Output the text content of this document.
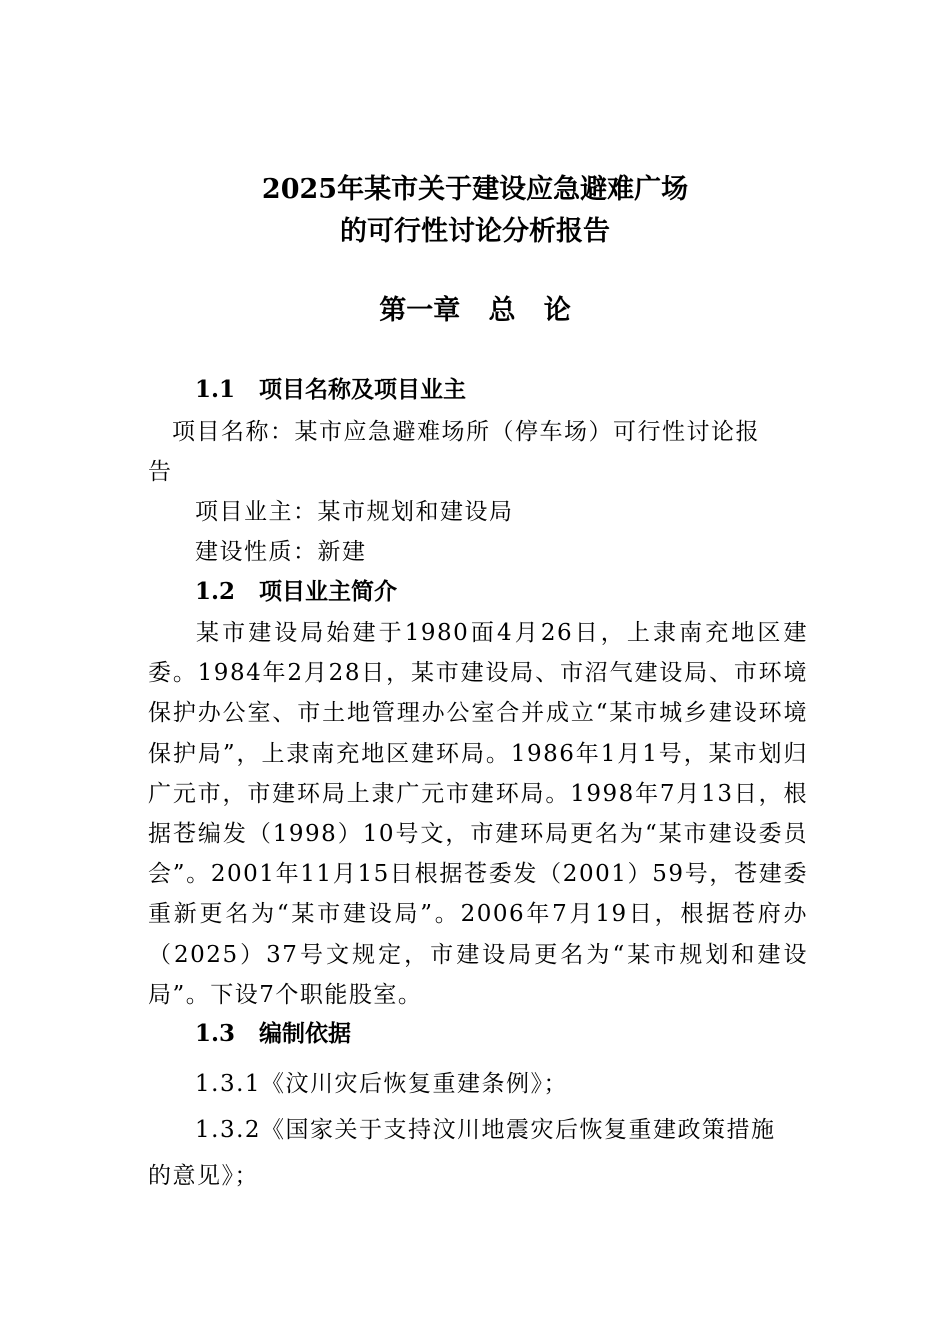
2025年某市关于建设应急避难广场
的可行性讨论分析报告
第一章   总   论
1.1 项目名称及项目业主
项目名称：某市应急避难场所（停车场）可行性讨论报
告
项目业主：某市规划和建设局
建设性质：新建
1.2 项目业主简介
某市建设局始建于1980面4月26日，上隶南充地区建委。1984年2月28日，某市建设局、市沼气建设局、市环境保护办公室、市土地管理办公室合并成立“某市城乡建设环境保护局”，上隶南充地区建环局。1986年1月1号，某市划归广元市，市建环局上隶广元市建环局。1998年7月13日，根据苍编发（1998）10号文，市建环局更名为“某市建设委员会”。2001年11月15日根据苍委发（2001）59号，苍建委重新更名为“某市建设局”。2006年7月19日，根据苍府办（2025）37号文规定，市建设局更名为“某市规划和建设局”。下设7个职能股室。
1.3 编制依据
1.3.1《汶川灾后恢复重建条例》；
1.3.2《国家关于支持汶川地震灾后恢复重建政策措施
的意见》；
